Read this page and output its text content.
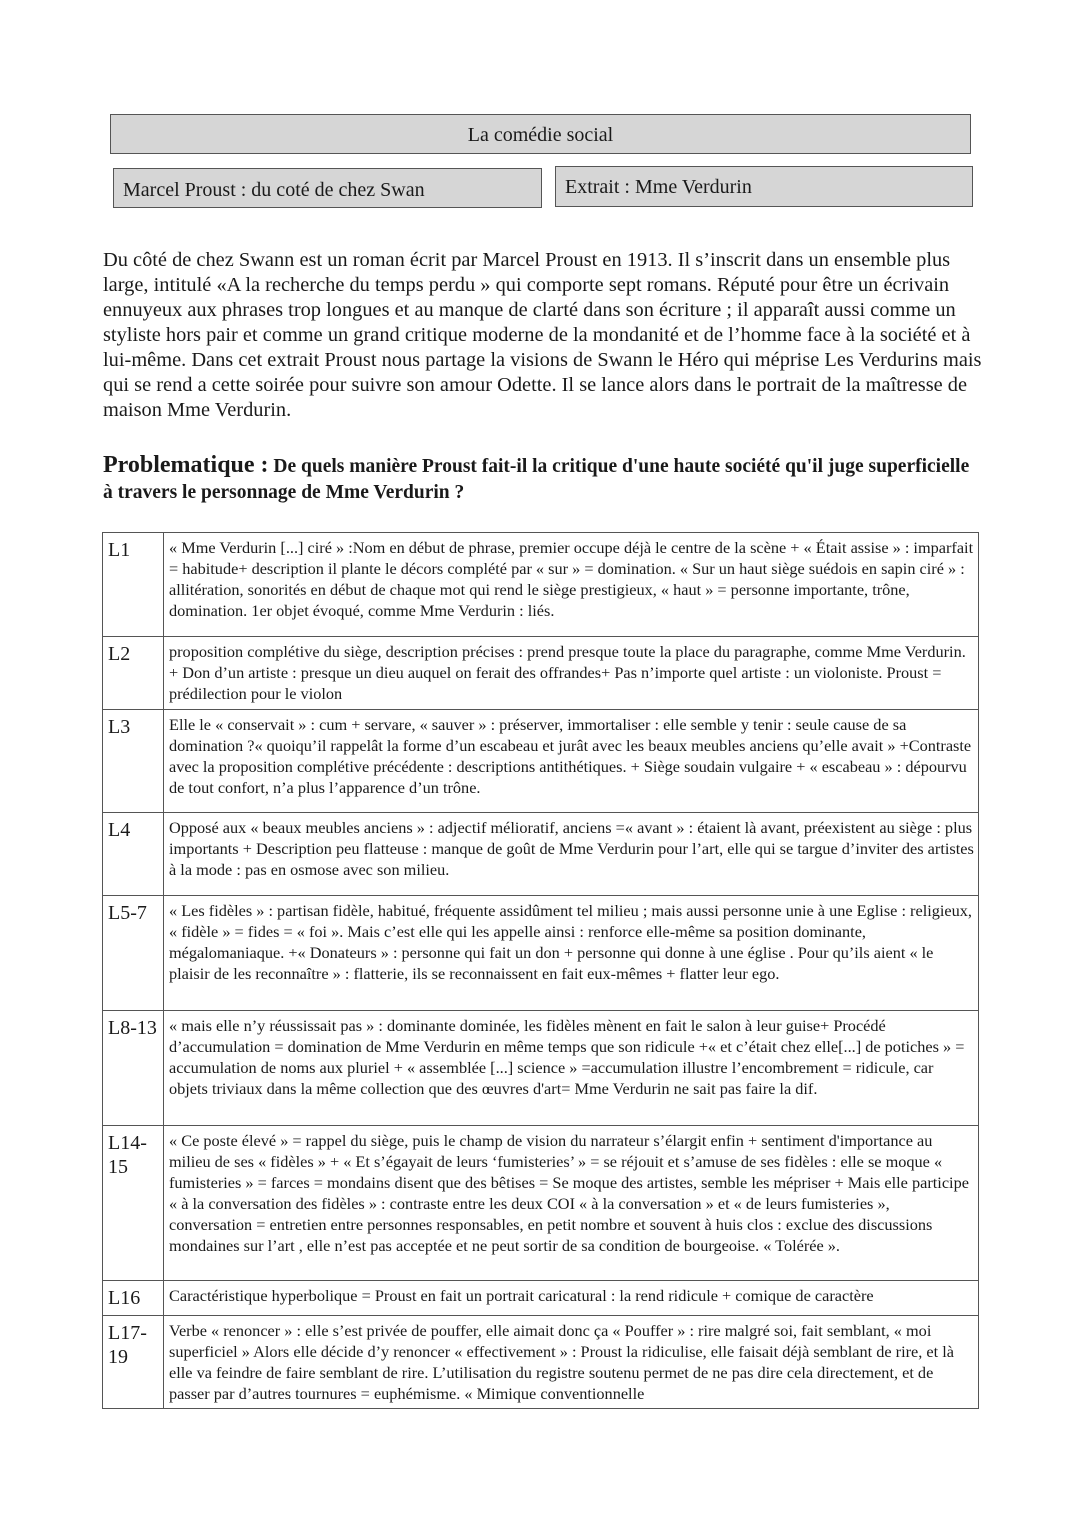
La comédie social
Marcel Proust : du coté de chez Swan	Extrait : Mme Verdurin

Du côté de chez Swann est un roman écrit par Marcel Proust en 1913. Il s’inscrit dans un ensemble plus large, intitulé «A la recherche du temps perdu » qui comporte sept romans. Réputé pour être un écrivain ennuyeux aux phrases trop longues et au manque de clarté dans son écriture ; il apparaît aussi comme un styliste hors pair et comme un grand critique moderne de la mondanité et de l’homme face à la société et à lui-même. Dans cet extrait Proust nous partage la visions de Swann le Héro qui méprise Les Verdurins mais qui se rend a cette soirée pour suivre son amour Odette. Il se lance alors dans le portrait de la maîtresse de maison Mme Verdurin.

Problematique : De quels manière Proust fait-il la critique d'une haute société qu'il juge superficielle à travers le personnage de Mme Verdurin ?

L1	« Mme Verdurin [...] ciré » :Nom en début de phrase, premier occupe déjà le centre de la scène + « Était assise » : imparfait = habitude+ description il plante le décors complété par « sur » = domination. « Sur un haut siège suédois en sapin ciré » : allitération, sonorités en début de chaque mot qui rend le siège prestigieux, « haut » = personne importante, trône, domination. 1er objet évoqué, comme Mme Verdurin : liés.
L2	proposition complétive du siège, description précises : prend presque toute la place du paragraphe, comme Mme Verdurin. + Don d’un artiste : presque un dieu auquel on ferait des offrandes+ Pas n’importe quel artiste : un violoniste. Proust = prédilection pour le violon
L3	Elle le « conservait » : cum + servare, « sauver » : préserver, immortaliser : elle semble y tenir : seule cause de sa domination ?« quoiqu’il rappelât la forme d’un escabeau et jurât avec les beaux meubles anciens qu’elle avait » +Contraste avec la proposition complétive précédente : descriptions antithétiques. + Siège soudain vulgaire + « escabeau » : dépourvu de tout confort, n’a plus l’apparence d’un trône.
L4	Opposé aux « beaux meubles anciens » : adjectif mélioratif, anciens =« avant » : étaient là avant, préexistent au siège : plus importants + Description peu flatteuse : manque de goût de Mme Verdurin pour l’art, elle qui se targue d’inviter des artistes à la mode : pas en osmose avec son milieu.
L5-7	« Les fidèles » : partisan fidèle, habitué, fréquente assidûment tel milieu ; mais aussi personne unie à une Eglise : religieux, « fidèle » = fides = « foi ». Mais c’est elle qui les appelle ainsi : renforce elle-même sa position dominante, mégalomaniaque. +« Donateurs » : personne qui fait un don + personne qui donne à une église . Pour qu’ils aient « le plaisir de les reconnaître » : flatterie, ils se reconnaissent en fait eux-mêmes + flatter leur ego.
L8-13	« mais elle n’y réussissait pas » : dominante dominée, les fidèles mènent en fait le salon à leur guise+ Procédé d’accumulation = domination de Mme Verdurin en même temps que son ridicule +« et c’était chez elle[...] de potiches » = accumulation de noms aux pluriel + « assemblée [...] science » =accumulation illustre l’encombrement = ridicule, car objets triviaux dans la même collection que des œuvres d'art= Mme Verdurin ne sait pas faire la dif.
L14-15	« Ce poste élevé » = rappel du siège, puis le champ de vision du narrateur s’élargit enfin + sentiment d'importance au milieu de ses « fidèles » + « Et s’égayait de leurs ‘fumisteries’ » = se réjouit et s’amuse de ses fidèles : elle se moque « fumisteries » = farces = mondains disent que des bêtises = Se moque des artistes, semble les mépriser + Mais elle participe « à la conversation des fidèles » : contraste entre les deux COI « à la conversation » et « de leurs fumisteries », conversation = entretien entre personnes responsables, en petit nombre et souvent à huis clos : exclue des discussions mondaines sur l’art , elle n’est pas acceptée et ne peut sortir de sa condition de bourgeoise. « Tolérée ».
L16	Caractéristique hyperbolique = Proust en fait un portrait caricatural : la rend ridicule + comique de caractère
L17-19	Verbe « renoncer » : elle s’est privée de pouffer, elle aimait donc ça « Pouffer » : rire malgré soi, fait semblant, « moi superficiel » Alors elle décide d’y renoncer « effectivement » : Proust la ridiculise, elle faisait déjà semblant de rire, et là elle va feindre de faire semblant de rire. L’utilisation du registre soutenu permet de ne pas dire cela directement, et de passer par d’autres tournures = euphémisme. « Mimique conventionnelle
